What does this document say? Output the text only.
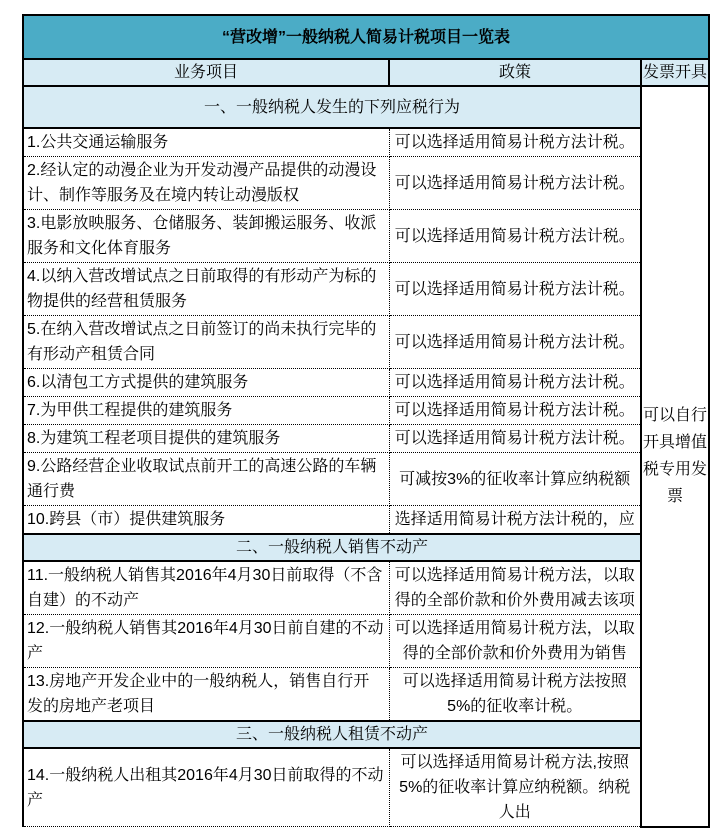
“营改增”一般纳税人简易计税项目一览表		
业务项目	政策	发票开具
一、一般纳税人发生的下列应税行为		可以自行开具增值税专用发票
1.公共交通运输服务	可以选择适用简易计税方法计税。	
2.经认定的动漫企业为开发动漫产品提供的动漫设计、制作等服务及在境内转让动漫版权	可以选择适用简易计税方法计税。	
3.电影放映服务、仓储服务、装卸搬运服务、收派服务和文化体育服务	可以选择适用简易计税方法计税。	
4.以纳入营改增试点之日前取得的有形动产为标的物提供的经营租赁服务	可以选择适用简易计税方法计税。	
5.在纳入营改增试点之日前签订的尚未执行完毕的有形动产租赁合同	可以选择适用简易计税方法计税。	
6.以清包工方式提供的建筑服务	可以选择适用简易计税方法计税。	
7.为甲供工程提供的建筑服务	可以选择适用简易计税方法计税。	
8.为建筑工程老项目提供的建筑服务	可以选择适用简易计税方法计税。	
9.公路经营企业收取试点前开工的高速公路的车辆通行费	可减按3%的征收率计算应纳税额	
10.跨县（市）提供建筑服务	选择适用简易计税方法计税的，应	
二、一般纳税人销售不动产		
11.一般纳税人销售其2016年4月30日前取得（不含自建）的不动产	可以选择适用简易计税方法，以取得的全部价款和价外费用减去该项	
12.一般纳税人销售其2016年4月30日前自建的不动产	可以选择适用简易计税方法，以取得的全部价款和价外费用为销售	
13.房地产开发企业中的一般纳税人，销售自行开发的房地产老项目	可以选择适用简易计税方法按照5%的征收率计税。	
三、一般纳税人租赁不动产		
14.一般纳税人出租其2016年4月30日前取得的不动产	可以选择适用简易计税方法,按照5%的征收率计算应纳税额。纳税人出	
